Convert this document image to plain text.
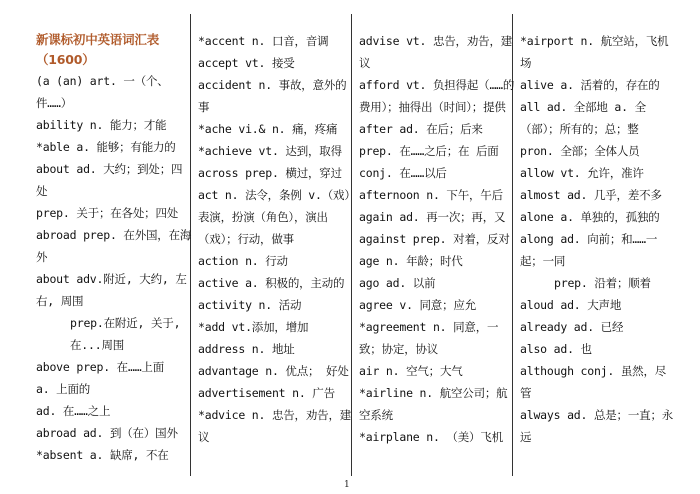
新课标初中英语词汇表
（1600）
(a (an) art. 一（个、件……）
ability n. 能力；才能
*able a. 能够；有能力的
about ad. 大约；到处；四处
prep. 关于；在各处；四处
abroad prep. 在外国，在海外
about adv.附近, 大约, 左右, 周围
prep.在附近, 关于, 在...周围
above prep. 在……上面
a. 上面的
ad. 在……之上
abroad ad. 到（在）国外
*absent a. 缺席, 不在
*accent n. 口音，音调
accept vt. 接受
accident n. 事故，意外的事
*ache vi.& n. 痛，疼痛
*achieve vt. 达到，取得
across prep. 横过，穿过
act n. 法令，条例 v.（戏）表演，扮演（角色），演出（戏）；行动，做事
action n. 行动
active a. 积极的，主动的
activity n. 活动
*add vt.添加，增加
address n. 地址
advantage n. 优点； 好处
advertisement n. 广告
*advice n. 忠告，劝告，建议
advise vt. 忠告，劝告，建议
afford vt. 负担得起（……的费用）；抽得出（时间）；提供
after ad. 在后；后来
prep. 在……之后；在 后面 conj. 在……以后
afternoon n. 下午，午后
again ad. 再一次；再，又
against prep. 对着，反对
age n. 年龄；时代
ago ad. 以前
agree v. 同意；应允
*agreement n. 同意，一致；协定，协议
air n. 空气；大气
*airline n. 航空公司；航空系统
*airplane n. （美）飞机
*airport n. 航空站，飞机场
alive a. 活着的，存在的
all ad. 全部地 a. 全（部）；所有的；总；整
pron. 全部；全体人员
allow vt. 允许，准许
almost ad. 几乎，差不多
alone a. 单独的，孤独的
along ad. 向前；和……一起；一同
prep. 沿着；顺着
aloud ad. 大声地
already ad. 已经
also ad. 也
although conj. 虽然，尽管
always ad. 总是；一直；永远
1
